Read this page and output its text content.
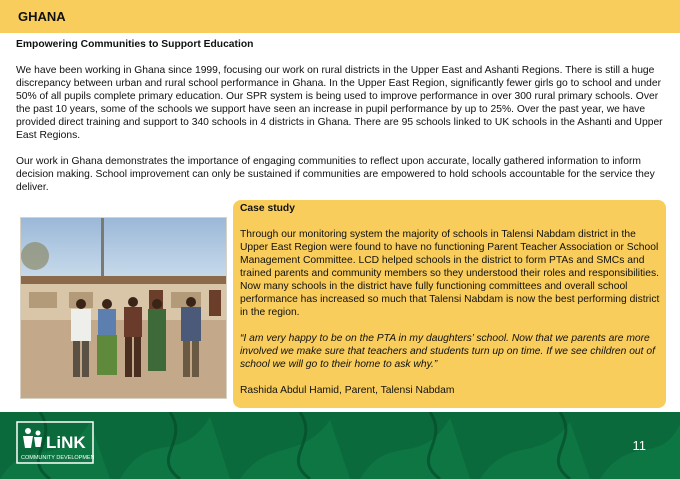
GHANA

Empowering Communities to Support Education

We have been working in Ghana since 1999, focusing our work on rural districts in the Upper East and Ashanti Regions. There is still a huge discrepancy between urban and rural school performance in Ghana. In the Upper East Region, significantly fewer girls go to school and under 50% of all pupils complete primary education. Our SPR system is being used to improve performance in over 300 rural primary schools. Over the past 10 years, some of the schools we support have seen an increase in pupil performance by up to 25%. Over the past year, we have provided direct training and support to 340 schools in 4 districts in Ghana. There are 95 schools linked to UK schools in the Ashanti and Upper East Regions.

Our work in Ghana demonstrates the importance of engaging communities to reflect upon accurate, locally gathered information to inform decision making. School improvement can only be sustained if communities are empowered to hold schools accountable for the service they deliver.

Case study

Through our monitoring system the majority of schools in Talensi Nabdam district in the Upper East Region were found to have no functioning Parent Teacher Association or School Management Committee. LCD helped schools in the district to form PTAs and SMCs and trained parents and community members so they understood their roles and responsibilities. Now many schools in the district have fully functioning committees and overall school performance has increased so much that Talensi Nabdam is now the best performing district in the region.

“I am very happy to be on the PTA in my daughters’ school. Now that we parents are more involved we make sure that teachers and students turn up on time. If we see children out of school we will go to their home to ask why.”

Rashida Abdul Hamid, Parent, Talensi Nabdam

LiNK
COMMUNITY DEVELOPMENT
11
